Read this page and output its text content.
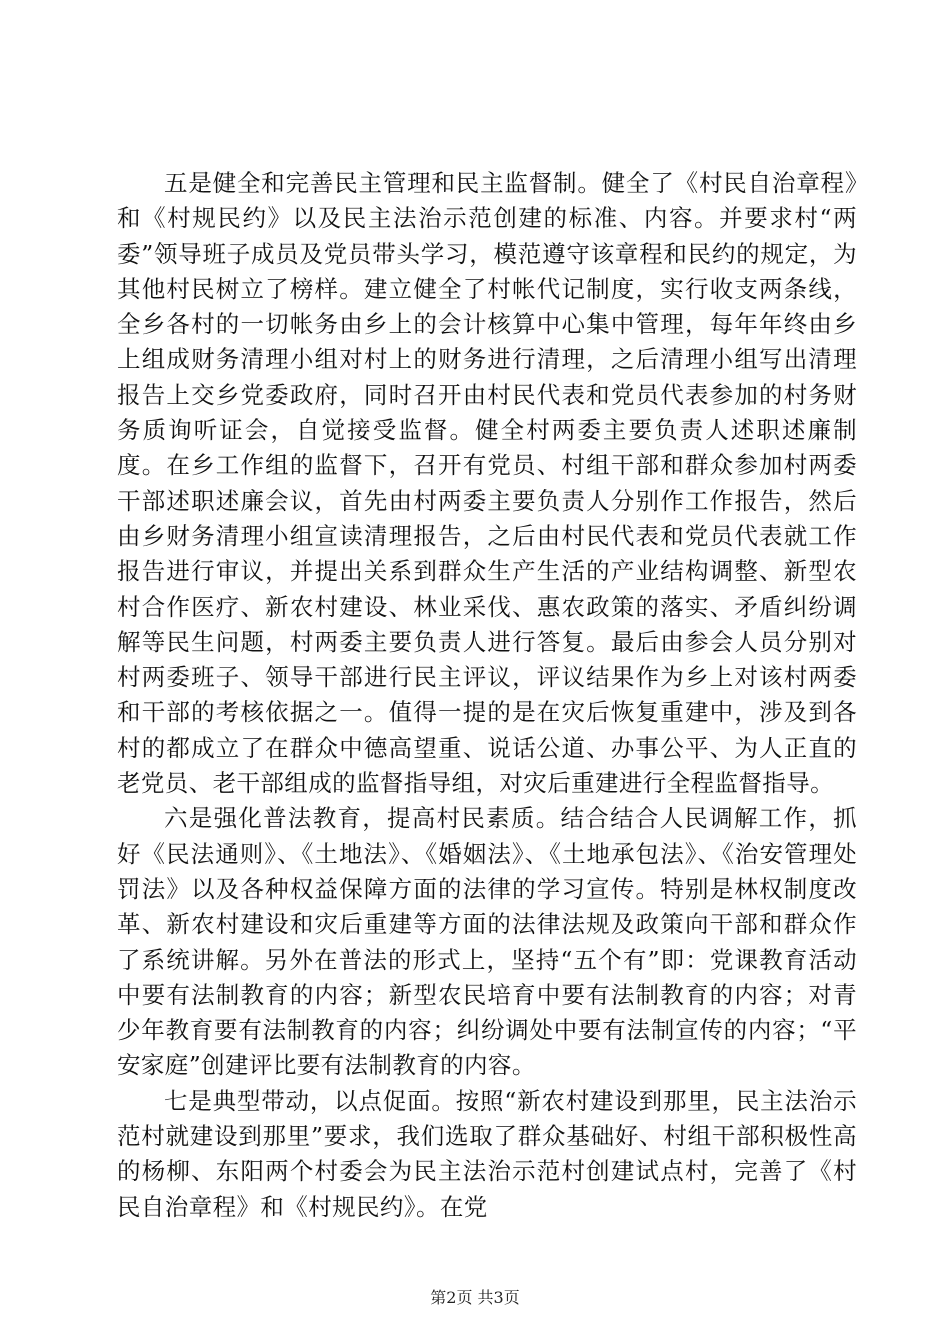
五是健全和完善民主管理和民主监督制。健全了《村民自治章程》和《村规民约》以及民主法治示范创建的标准、内容。并要求村“两委”领导班子成员及党员带头学习，模范遵守该章程和民约的规定，为其他村民树立了榜样。建立健全了村帐代记制度，实行收支两条线，全乡各村的一切帐务由乡上的会计核算中心集中管理，每年年终由乡上组成财务清理小组对村上的财务进行清理，之后清理小组写出清理报告上交乡党委政府，同时召开由村民代表和党员代表参加的村务财务质询听证会，自觉接受监督。健全村两委主要负责人述职述廉制度。在乡工作组的监督下，召开有党员、村组干部和群众参加村两委干部述职述廉会议，首先由村两委主要负责人分别作工作报告，然后由乡财务清理小组宣读清理报告，之后由村民代表和党员代表就工作报告进行审议，并提出关系到群众生产生活的产业结构调整、新型农村合作医疗、新农村建设、林业采伐、惠农政策的落实、矛盾纠纷调解等民生问题，村两委主要负责人进行答复。最后由参会人员分别对村两委班子、领导干部进行民主评议，评议结果作为乡上对该村两委和干部的考核依据之一。值得一提的是在灾后恢复重建中，涉及到各村的都成立了在群众中德高望重、说话公道、办事公平、为人正直的老党员、老干部组成的监督指导组，对灾后重建进行全程监督指导。

六是强化普法教育，提高村民素质。结合结合人民调解工作，抓好《民法通则》、《土地法》、《婚姻法》、《土地承包法》、《治安管理处罚法》以及各种权益保障方面的法律的学习宣传。特别是林权制度改革、新农村建设和灾后重建等方面的法律法规及政策向干部和群众作了系统讲解。另外在普法的形式上，坚持“五个有”即：党课教育活动中要有法制教育的内容；新型农民培育中要有法制教育的内容；对青少年教育要有法制教育的内容；纠纷调处中要有法制宣传的内容；“平安家庭”创建评比要有法制教育的内容。

七是典型带动，以点促面。按照“新农村建设到那里，民主法治示范村就建设到那里”要求，我们选取了群众基础好、村组干部积极性高的杨柳、东阳两个村委会为民主法治示范村创建试点村，完善了《村民自治章程》和《村规民约》。在党

第2页 共3页
